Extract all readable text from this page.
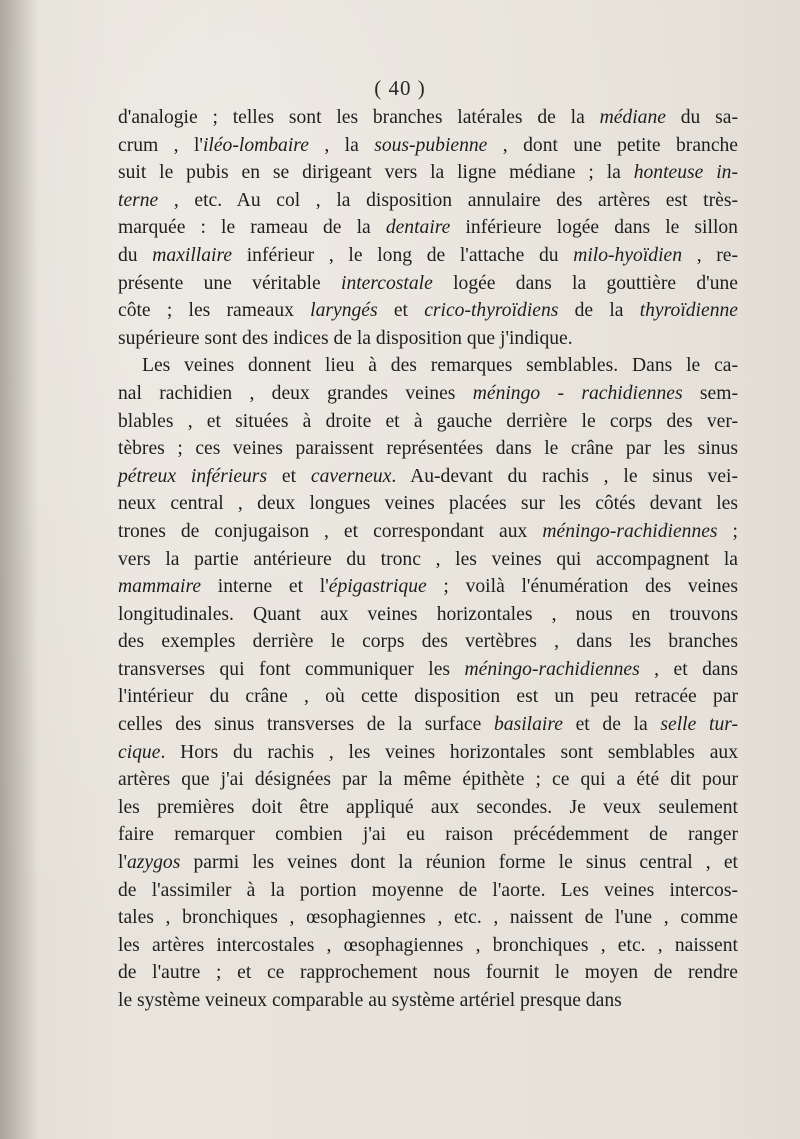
( 40 )
d'analogie ; telles sont les branches latérales de la médiane du sa-
crum , l'iléo-lombaire , la sous-pubienne , dont une petite branche
suit le pubis en se dirigeant vers la ligne médiane ; la honteuse in-
terne , etc. Au col , la disposition annulaire des artères est très-
marquée : le rameau de la dentaire inférieure logée dans le sillon
du maxillaire inférieur , le long de l'attache du milo-hyoïdien , re-
présente une véritable intercostale logée dans la gouttière d'une
côte ; les rameaux laryngés et crico-thyroïdiens de la thyroïdienne
supérieure sont des indices de la disposition que j'indique.
Les veines donnent lieu à des remarques semblables. Dans le ca-
nal rachidien , deux grandes veines méningo - rachidiennes sem-
blables , et situées à droite et à gauche derrière le corps des ver-
tèbres ; ces veines paraissent représentées dans le crâne par les sinus
pétreux inférieurs et caverneux. Au-devant du rachis , le sinus vei-
neux central , deux longues veines placées sur les côtés devant les
trones de conjugaison , et correspondant aux méningo-rachidiennes ;
vers la partie antérieure du tronc , les veines qui accompagnent la
mammaire interne et l'épigastrique ; voilà l'énumération des veines
longitudinales. Quant aux veines horizontales , nous en trouvons
des exemples derrière le corps des vertèbres , dans les branches
transverses qui font communiquer les méningo-rachidiennes , et dans
l'intérieur du crâne , où cette disposition est un peu retracée par
celles des sinus transverses de la surface basilaire et de la selle tur-
cique. Hors du rachis , les veines horizontales sont semblables aux
artères que j'ai désignées par la même épithète ; ce qui a été dit pour
les premières doit être appliqué aux secondes. Je veux seulement
faire remarquer combien j'ai eu raison précédemment de ranger
l'azygos parmi les veines dont la réunion forme le sinus central , et
de l'assimiler à la portion moyenne de l'aorte. Les veines intercos-
tales , bronchiques , œsophagiennes , etc. , naissent de l'une , comme
les artères intercostales , œsophagiennes , bronchiques , etc. , naissent
de l'autre ; et ce rapprochement nous fournit le moyen de rendre
le système veineux comparable au système artériel presque dans
